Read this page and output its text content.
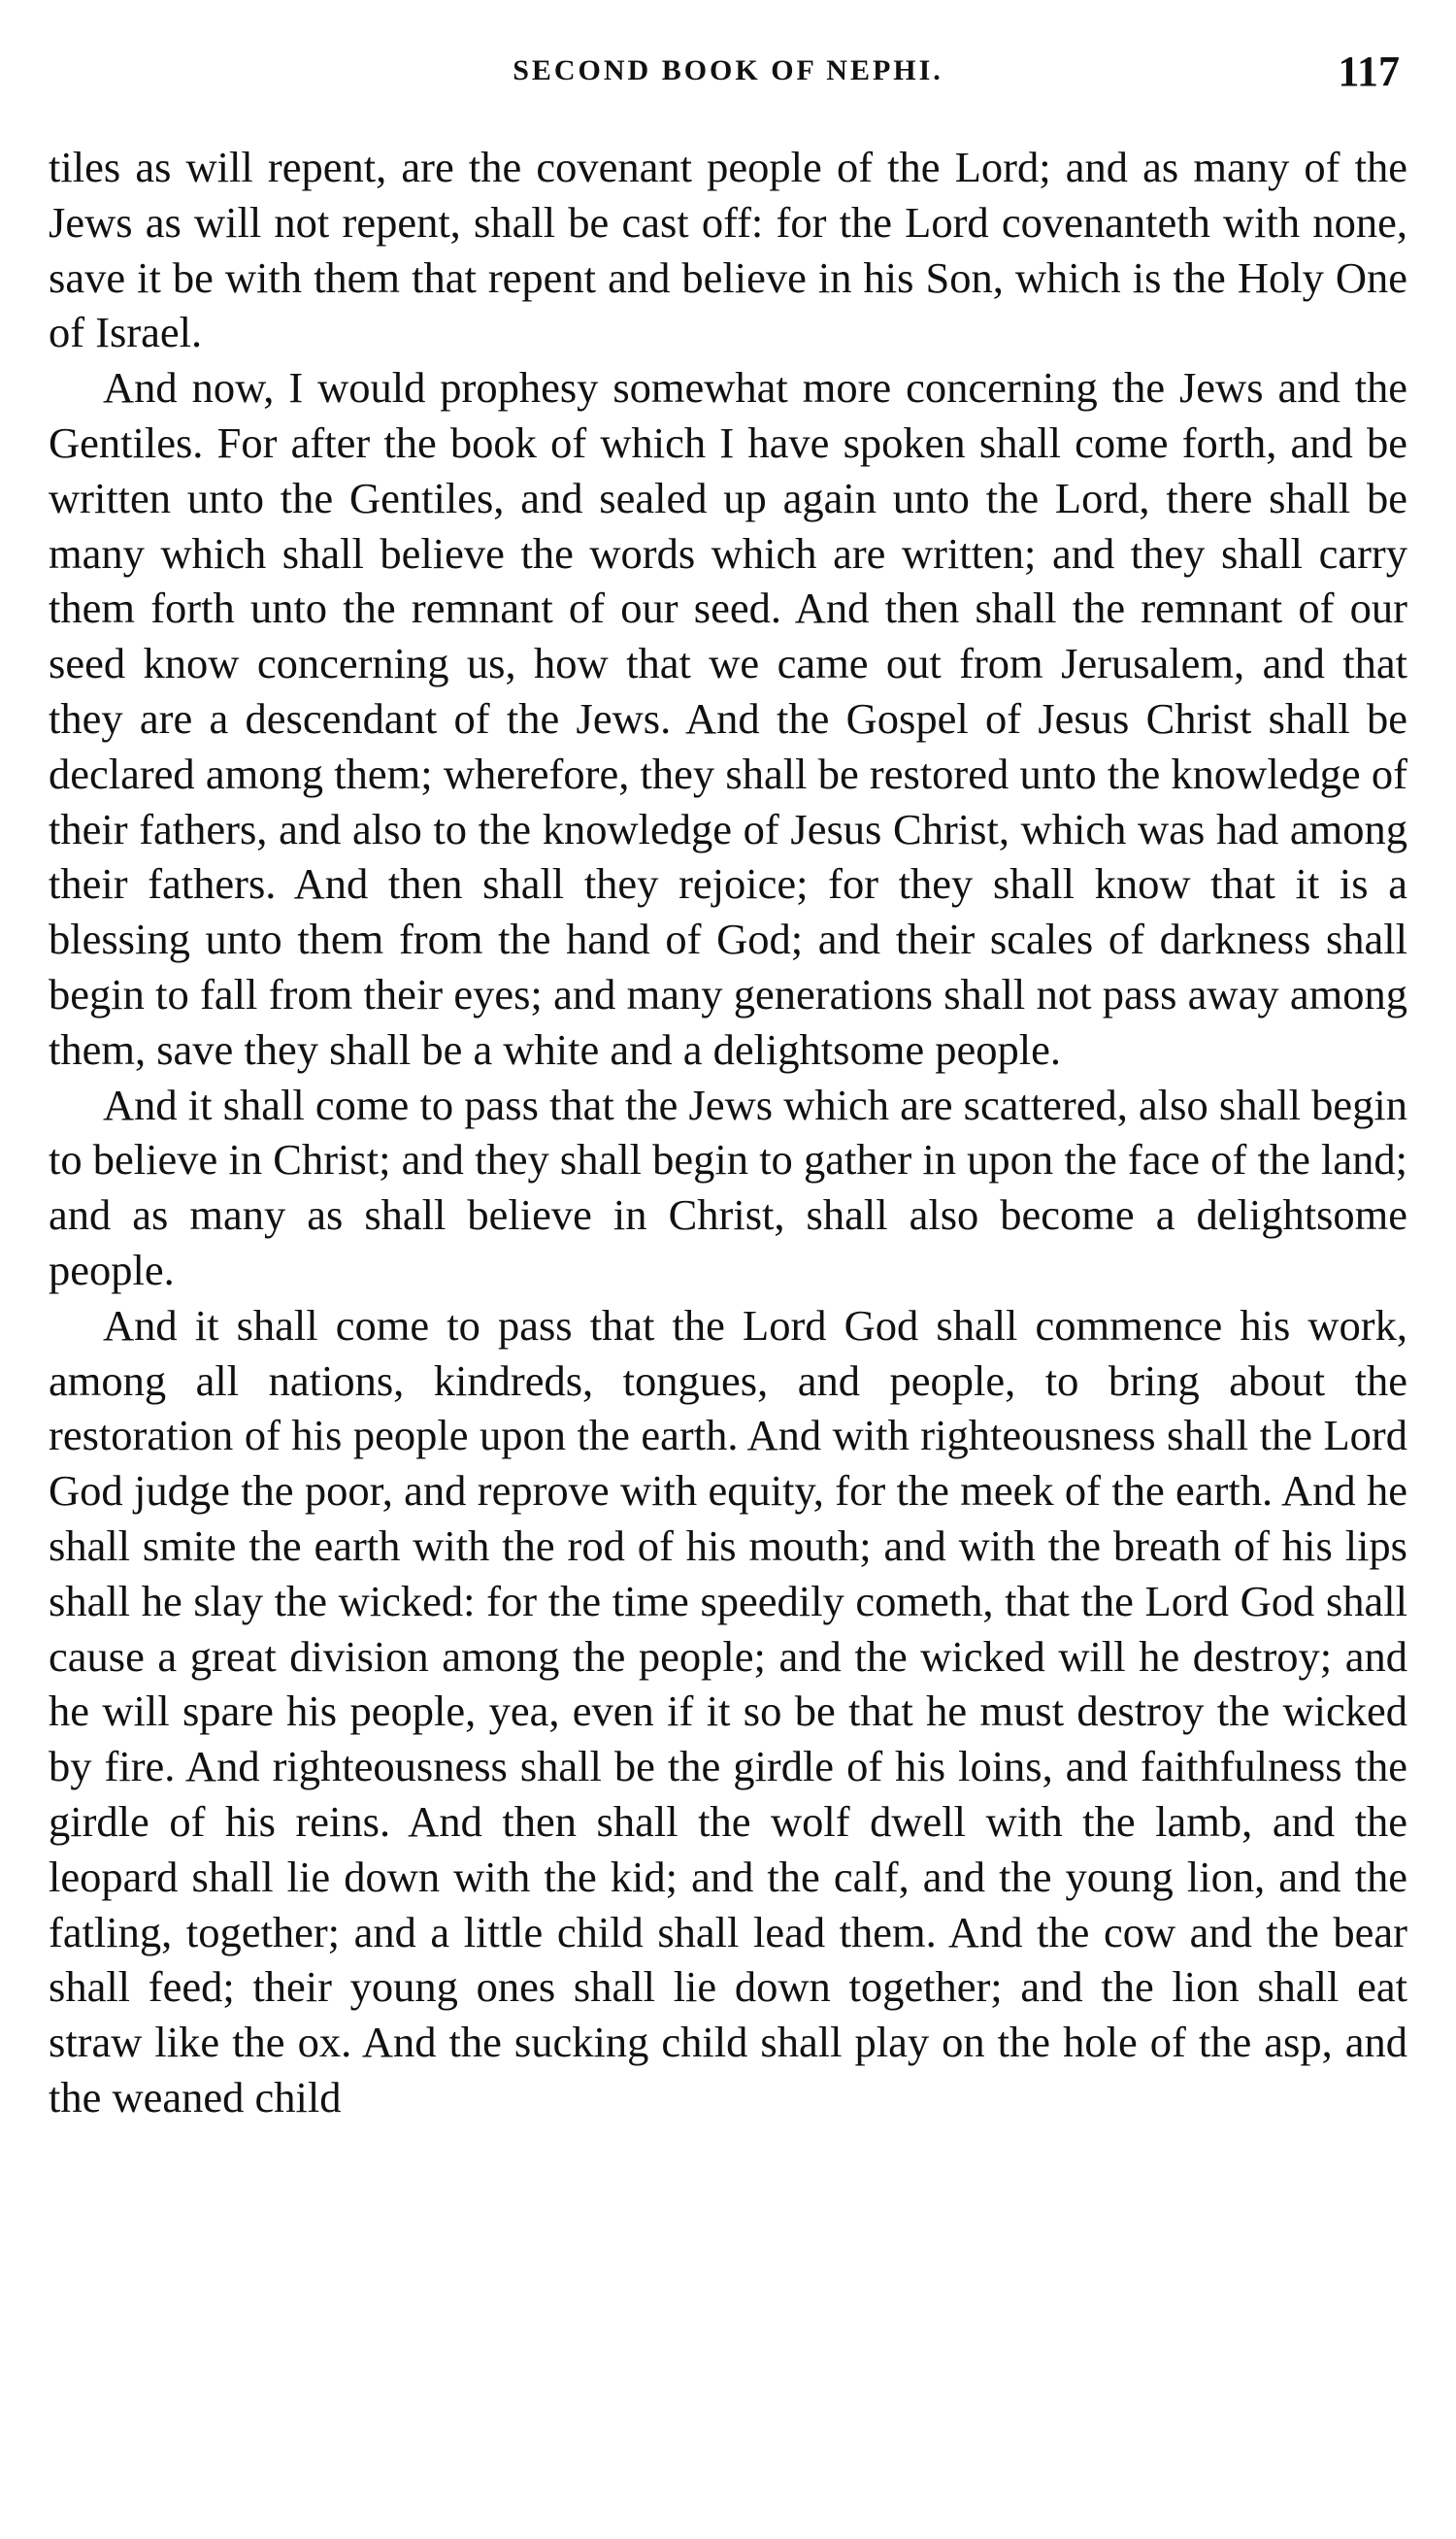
SECOND BOOK OF NEPHI.	117

tiles as will repent, are the covenant people of the Lord; and as many of the Jews as will not repent, shall be cast off: for the Lord covenanteth with none, save it be with them that repent and believe in his Son, which is the Holy One of Israel.

And now, I would prophesy somewhat more concerning the Jews and the Gentiles. For after the book of which I have spoken shall come forth, and be written unto the Gentiles, and sealed up again unto the Lord, there shall be many which shall believe the words which are written; and they shall carry them forth unto the remnant of our seed. And then shall the remnant of our seed know concerning us, how that we came out from Jerusalem, and that they are a descendant of the Jews. And the Gospel of Jesus Christ shall be declared among them; wherefore, they shall be restored unto the knowledge of their fathers, and also to the knowledge of Jesus Christ, which was had among their fathers. And then shall they rejoice; for they shall know that it is a blessing unto them from the hand of God; and their scales of darkness shall begin to fall from their eyes; and many generations shall not pass away among them, save they shall be a white and a delightsome people.

And it shall come to pass that the Jews which are scattered, also shall begin to believe in Christ; and they shall begin to gather in upon the face of the land; and as many as shall believe in Christ, shall also become a delightsome people.

And it shall come to pass that the Lord God shall commence his work, among all nations, kindreds, tongues, and people, to bring about the restoration of his people upon the earth. And with righteousness shall the Lord God judge the poor, and reprove with equity, for the meek of the earth. And he shall smite the earth with the rod of his mouth; and with the breath of his lips shall he slay the wicked: for the time speedily cometh, that the Lord God shall cause a great division among the people; and the wicked will he destroy; and he will spare his people, yea, even if it so be that he must destroy the wicked by fire. And righteousness shall be the girdle of his loins, and faithfulness the girdle of his reins. And then shall the wolf dwell with the lamb, and the leopard shall lie down with the kid; and the calf, and the young lion, and the fatling, together; and a little child shall lead them. And the cow and the bear shall feed; their young ones shall lie down together; and the lion shall eat straw like the ox. And the sucking child shall play on the hole of the asp, and the weaned child
